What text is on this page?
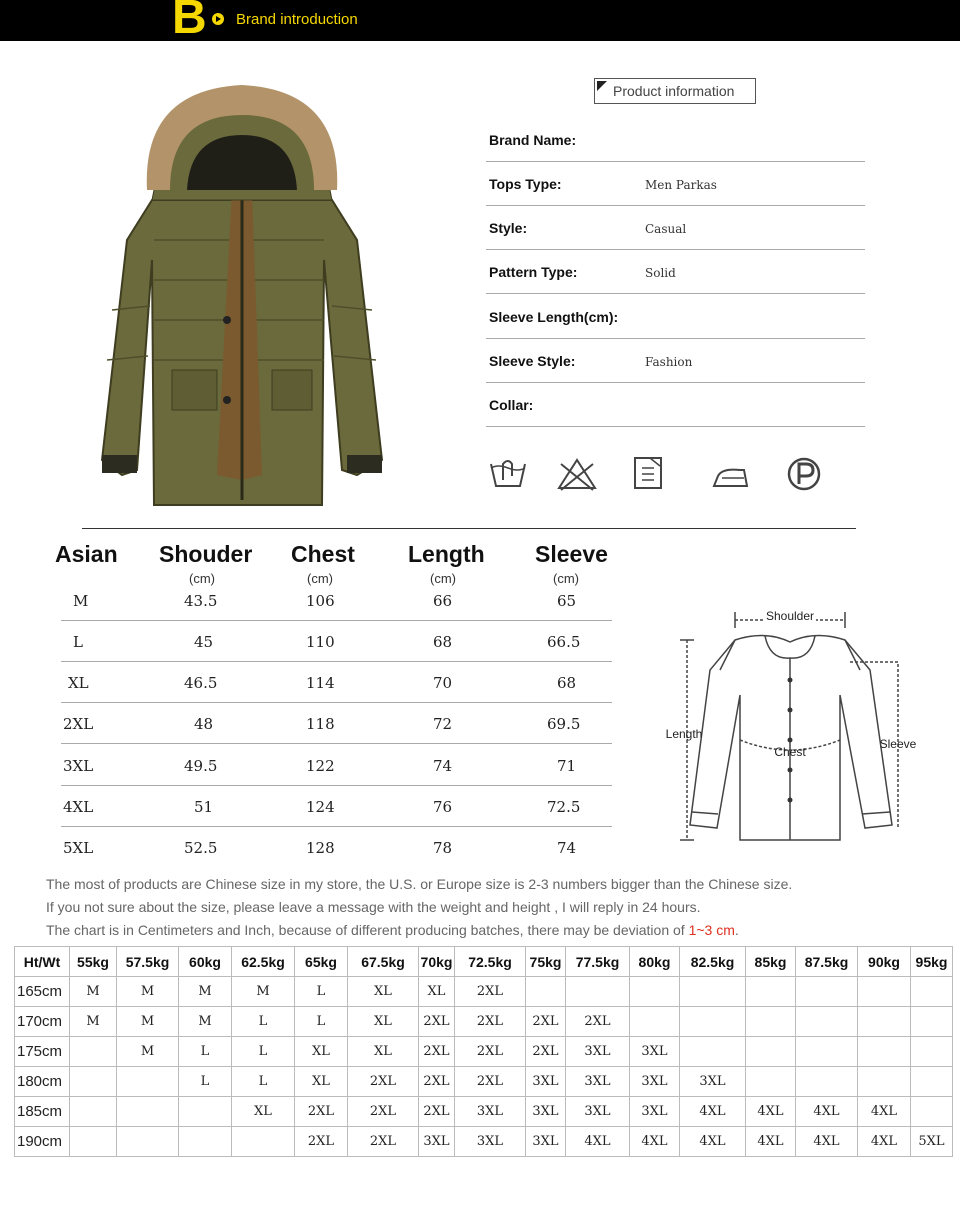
B Brand introduction
Product information
Brand Name:
Tops Type:	Men Parkas
Style:	Casual
Pattern Type:	Solid
Sleeve Length(cm):
Sleeve Style:	Fashion
Collar:
Asian Shouder
(cm)
Chest
(cm)
Length
(cm)
Sleeve
(cm)
M	43.5	106	66	65
L	45	110	68	66.5
XL	46.5	114	70	68
2XL	48	118	72	69.5
3XL	49.5	122	74	71
4XL	51	124	76	72.5
5XL	52.5	128	78	74
Shoulder
Length
Chest
Sleeve
The most of products are Chinese size in my store, the U.S. or Europe size is 2-3 numbers bigger than the Chinese size.
If you not sure about the size, please leave a message with the weight and height , I will reply in 24 hours.
The chart is in Centimeters and Inch, because of different producing batches, there may be deviation of 1~3 cm.
Ht/Wt	55kg	57.5kg	60kg	62.5kg	65kg	67.5kg	70kg	72.5kg	75kg	77.5kg	80kg	82.5kg	85kg	87.5kg	90kg	95kg
165cm	M	M	M	M	L	XL	XL	2XL								
170cm	M	M	M	L	L	XL	2XL	2XL	2XL	2XL						
175cm		M	L	L	XL	XL	2XL	2XL	2XL	3XL	3XL					
180cm			L	L	XL	2XL	2XL	2XL	3XL	3XL	3XL	3XL				
185cm				XL	2XL	2XL	2XL	3XL	3XL	3XL	3XL	4XL	4XL	4XL	4XL	
190cm					2XL	2XL	3XL	3XL	3XL	4XL	4XL	4XL	4XL	4XL	4XL	5XL
